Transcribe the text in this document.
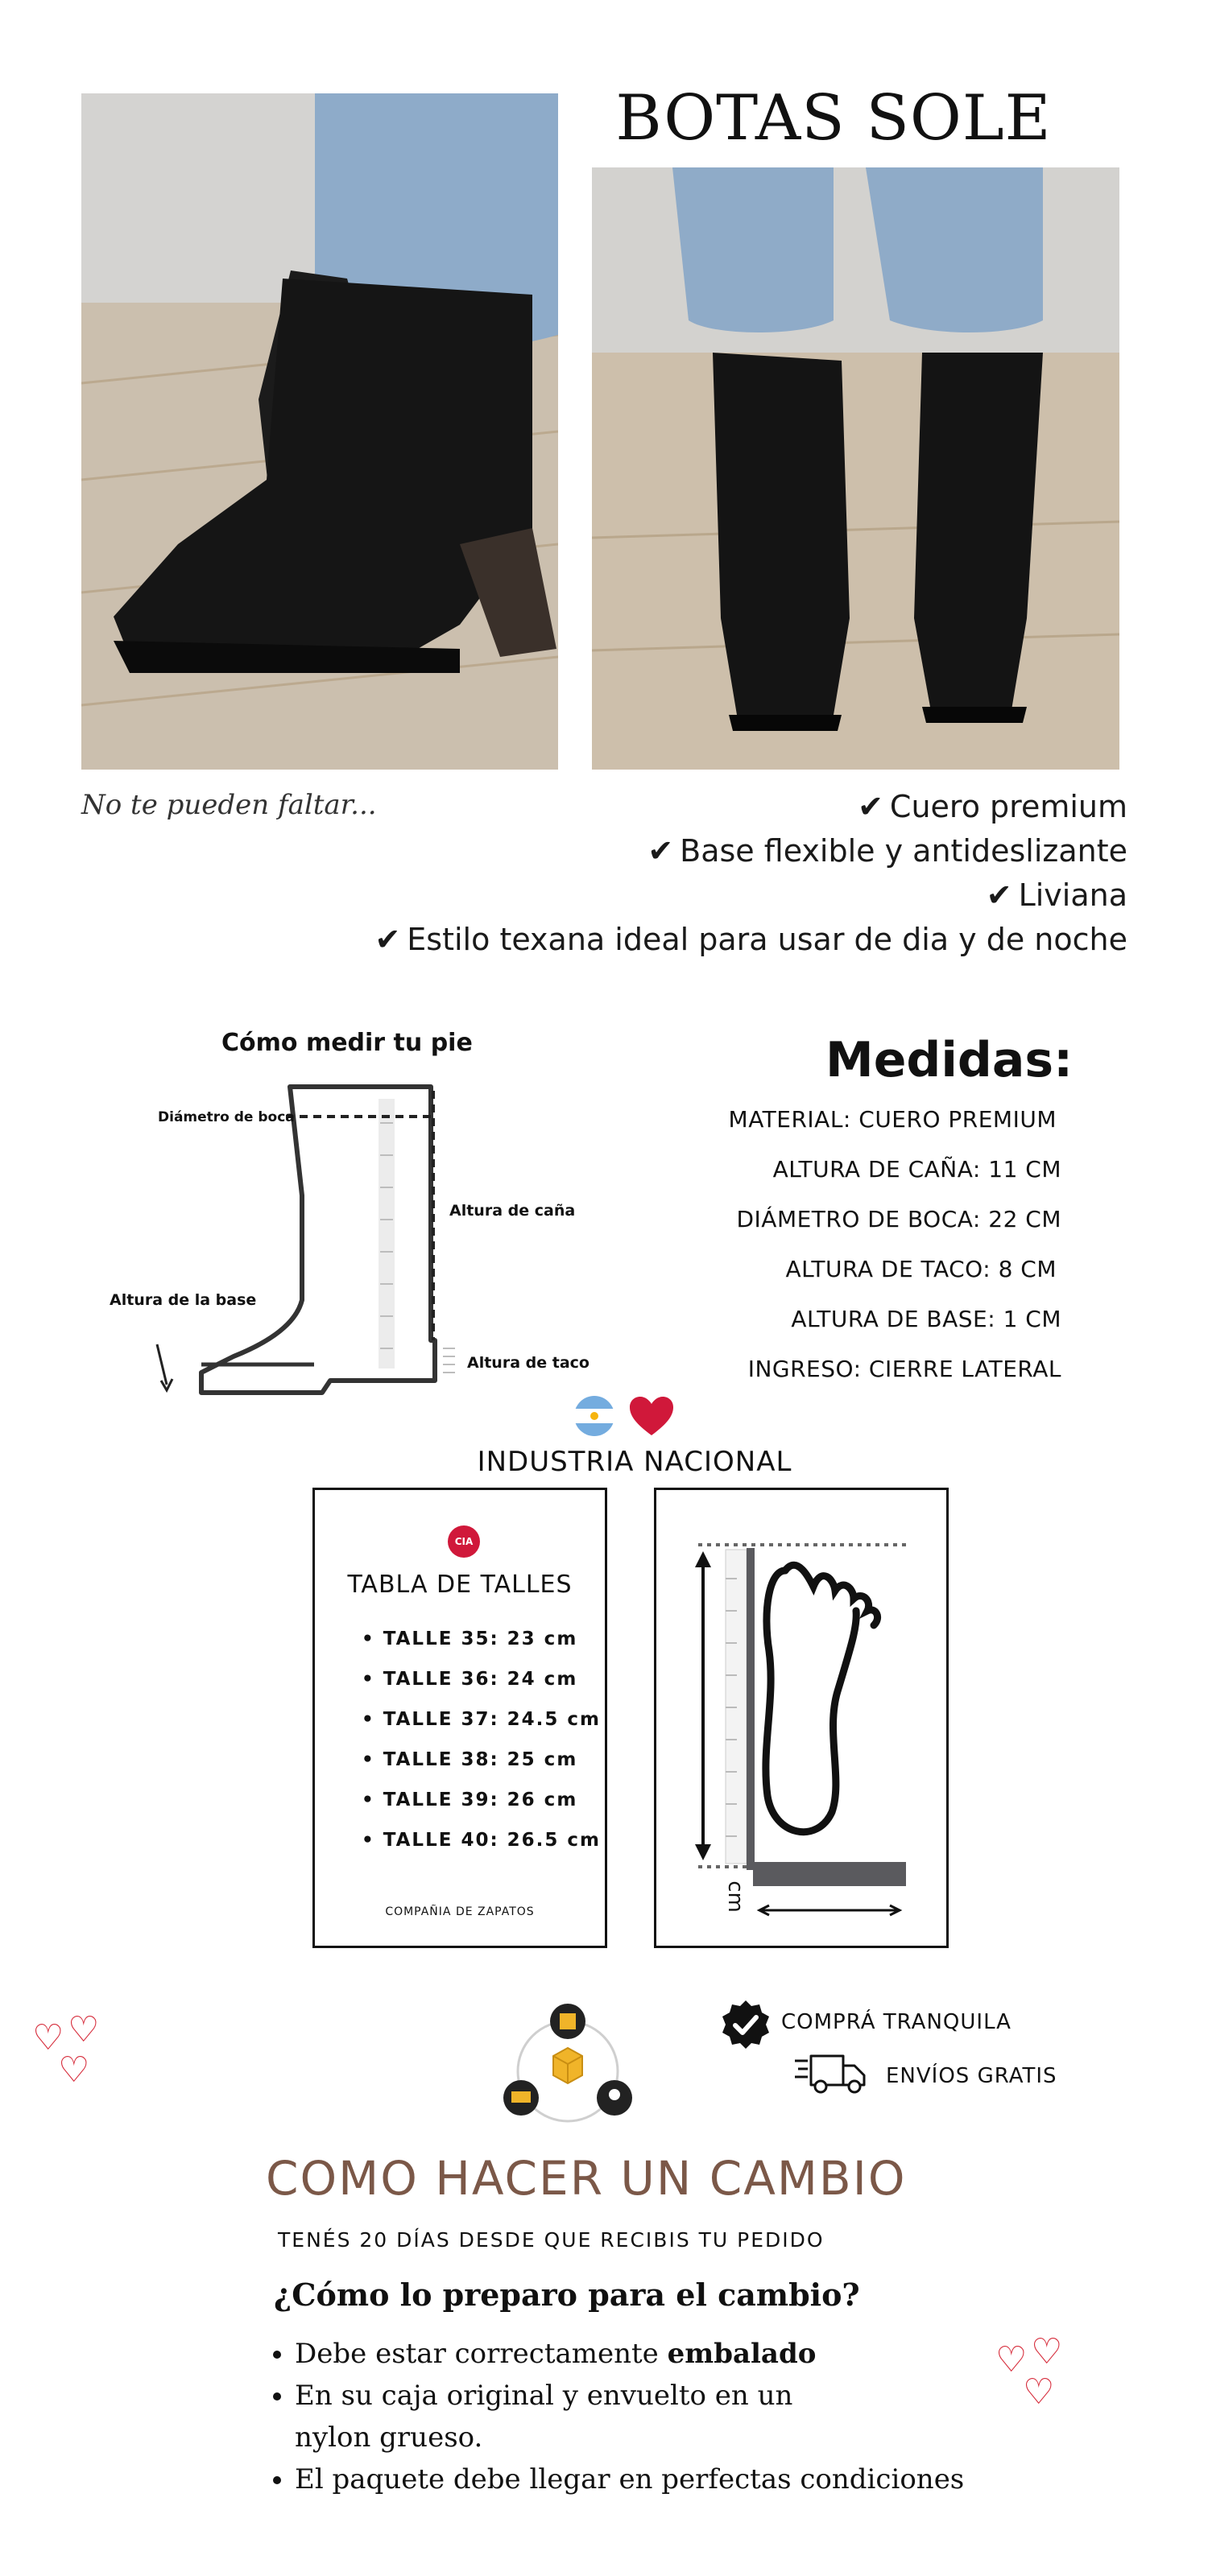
BOTAS SOLE
No te pueden faltar...	✔ Cuero premium
✔ Base flexible y antideslizante
✔ Liviana
✔ Estilo texana ideal para usar de dia y de noche
Cómo medir tu pie
Diámetro de boca
Altura de caña
Altura de la base
Altura de taco
Medidas:
MATERIAL: CUERO PREMIUM
ALTURA DE CAÑA: 11 CM
DIÁMETRO DE BOCA: 22 CM
ALTURA DE TACO: 8 CM
ALTURA DE BASE: 1 CM
INGRESO: CIERRE LATERAL
INDUSTRIA NACIONAL
CIA
TABLA DE TALLES
• TALLE 35: 23 cm
• TALLE 36: 24 cm
• TALLE 37: 24.5 cm
• TALLE 38: 25 cm
• TALLE 39: 26 cm
• TALLE 40: 26.5 cm
COMPAÑIA DE ZAPATOS	cm
♡ ♡
♡
♡ ♡
♡
COMPRÁ TRANQUILA
ENVÍOS GRATIS
COMO HACER UN CAMBIO
TENÉS 20 DÍAS DESDE QUE RECIBIS TU PEDIDO
¿Cómo lo preparo para el cambio?
• Debe estar correctamente embalado
• En su caja original y envuelto en un nylon grueso.
• El paquete debe llegar en perfectas condiciones
